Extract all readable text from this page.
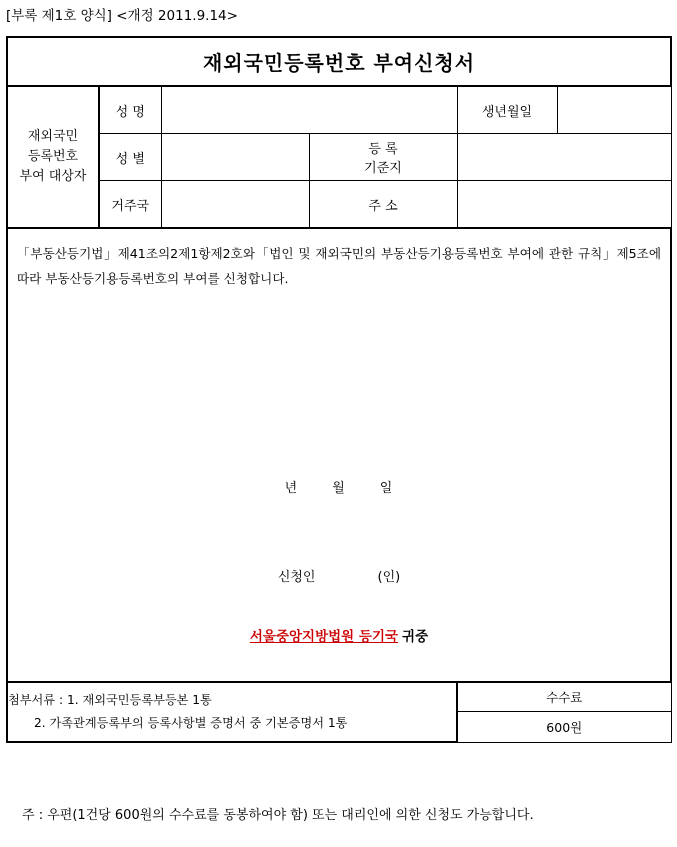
[부록 제1호 양식] <개정 2011.9.14>
재외국민등록번호 부여신청서					

재외국민
등록번호
부여 대상자	성 명			생년월일	
	성 별		등 록
기준지		

	거주국		주 소		

「부동산등기법」제41조의2제1항제2호와「법인 및 재외국민의 부동산등기용등록번호 부여에 관한 규칙」제5조에 따라 부동산등기용등록번호의 부여를 신청합니다.
년 월 일
신청인 (인)
서울중앙지방법원 등기국 귀중					

첨부서류 : 1. 재외국민등록부등본 1통
2. 가족관계등록부의 등록사항별 증명서 중 기본증명서 1통				수수료	
				600원	
주 : 우편(1건당 600원의 수수료를 동봉하여야 함) 또는 대리인에 의한 신청도 가능합니다.
